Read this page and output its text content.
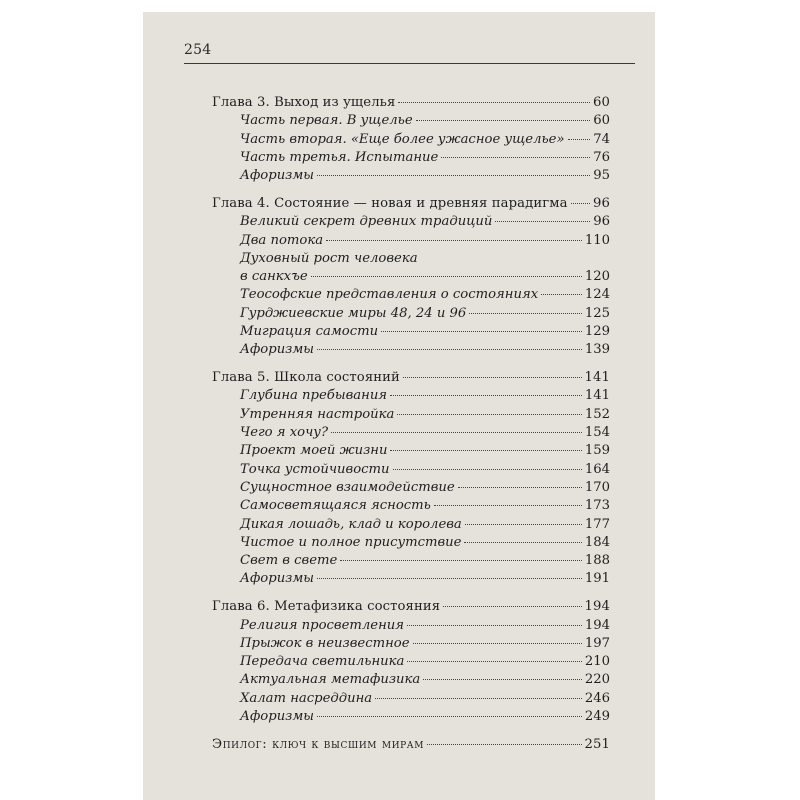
254
Глава 3. Выход из ущелья	60
Часть первая. В ущелье	60
Часть вторая. «Еще более ужасное ущелье» 74
Часть третья. Испытание	76
Афоризмы	95
Глава 4. Состояние — новая и древняя парадигма 96
Великий секрет древних традиций	96
Два потока	110
Духовный рост человека
в санкхъе	120
Теософские представления о состояниях	124
Гурджиевские миры 48, 24 и 96	125
Миграция самости	129
Афоризмы	139
Глава 5. Школа состояний	141
Глубина пребывания	141
Утренняя настройка	152
Чего я хочу?	154
Проект моей жизни	159
Точка устойчивости	164
Сущностное взаимодействие	170
Самосветящаяся ясность	173
Дикая лошадь, клад и королева	177
Чистое и полное присутствие	184
Свет в свете	188
Афоризмы	191
Глава 6. Метафизика состояния	194
Религия просветления	194
Прыжок в неизвестное	197
Передача светильника	210
Актуальная метафизика	220
Халат насреддина	246
Афоризмы	249
Эпилог: ключ к высшим мирам	251
